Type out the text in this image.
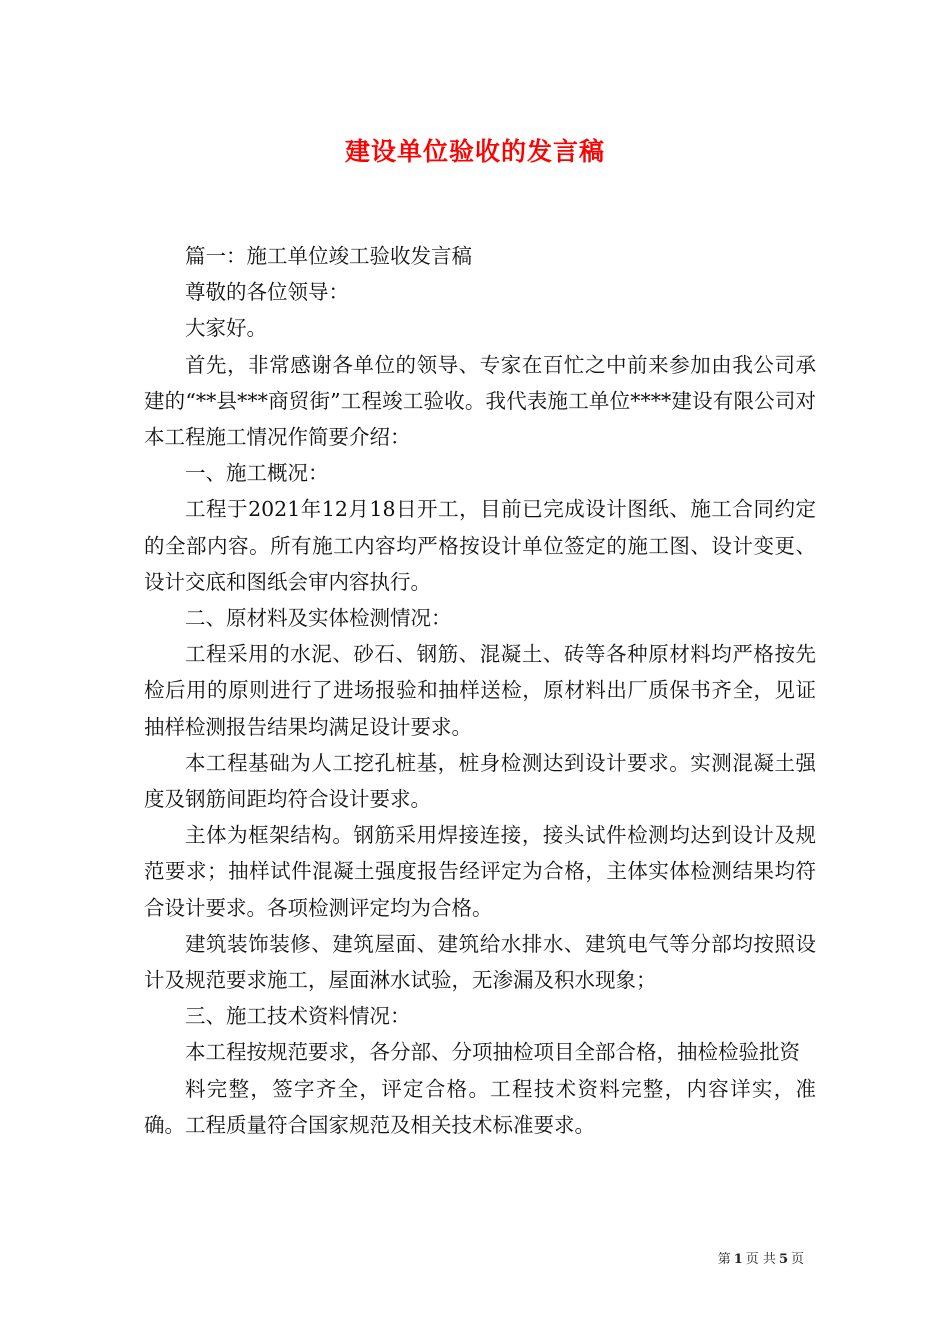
建设单位验收的发言稿

篇一：施工单位竣工验收发言稿

尊敬的各位领导：

大家好。

首先，非常感谢各单位的领导、专家在百忙之中前来参加由我公司承建的“**县***商贸街”工程竣工验收。我代表施工单位****建设有限公司对本工程施工情况作简要介绍：

一、施工概况：

工程于2021年12月18日开工，目前已完成设计图纸、施工合同约定的全部内容。所有施工内容均严格按设计单位签定的施工图、设计变更、设计交底和图纸会审内容执行。

二、原材料及实体检测情况：

工程采用的水泥、砂石、钢筋、混凝土、砖等各种原材料均严格按先检后用的原则进行了进场报验和抽样送检，原材料出厂质保书齐全，见证抽样检测报告结果均满足设计要求。

本工程基础为人工挖孔桩基，桩身检测达到设计要求。实测混凝土强度及钢筋间距均符合设计要求。

主体为框架结构。钢筋采用焊接连接，接头试件检测均达到设计及规范要求；抽样试件混凝土强度报告经评定为合格，主体实体检测结果均符合设计要求。各项检测评定均为合格。

建筑装饰装修、建筑屋面、建筑给水排水、建筑电气等分部均按照设计及规范要求施工，屋面淋水试验，无渗漏及积水现象；

三、施工技术资料情况：

本工程按规范要求，各分部、分项抽检项目全部合格，抽检检验批资

料完整，签字齐全，评定合格。工程技术资料完整，内容详实，准确。工程质量符合国家规范及相关技术标准要求。

第 1 页 共 5 页
